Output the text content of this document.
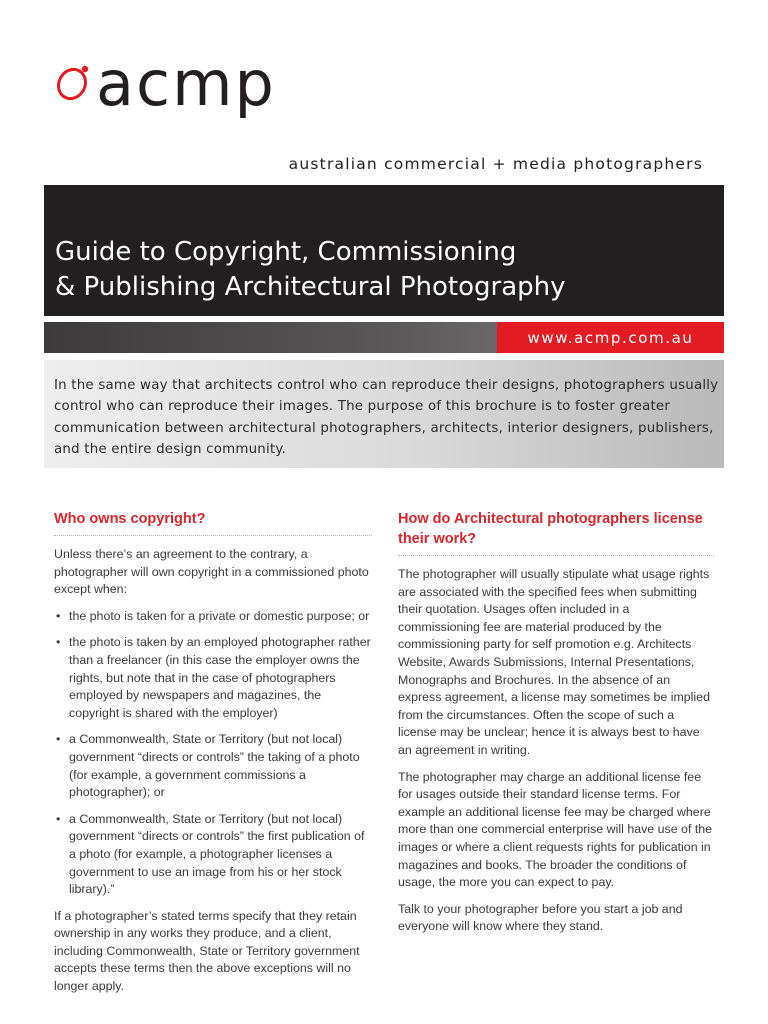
acmp
australian commercial + media photographers
Guide to Copyright, Commissioning
& Publishing Architectural Photography
www.acmp.com.au

In the same way that architects control who can reproduce their designs, photographers usually control who can reproduce their images. The purpose of this brochure is to foster greater communication between architectural photographers, architects, interior designers, publishers, and the entire design community.

Who owns copyright?

Unless there’s an agreement to the contrary, a photographer will own copyright in a commissioned photo except when:

• the photo is taken for a private or domestic purpose; or
• the photo is taken by an employed photographer rather than a freelancer (in this case the employer owns the rights, but note that in the case of photographers employed by newspapers and magazines, the copyright is shared with the employer)
• a Commonwealth, State or Territory (but not local) government “directs or controls” the taking of a photo (for example, a government commissions a photographer); or
• a Commonwealth, State or Territory (but not local) government “directs or controls” the first publication of a photo (for example, a photographer licenses a government to use an image from his or her stock library).”

If a photographer’s stated terms specify that they retain ownership in any works they produce, and a client, including Commonwealth, State or Territory government accepts these terms then the above exceptions will no longer apply.

How do Architectural photographers license their work?

The photographer will usually stipulate what usage rights are associated with the specified fees when submitting their quotation. Usages often included in a commissioning fee are material produced by the commissioning party for self promotion e.g. Architects Website, Awards Submissions, Internal Presentations, Monographs and Brochures. In the absence of an express agreement, a license may sometimes be implied from the circumstances. Often the scope of such a license may be unclear; hence it is always best to have an agreement in writing.

The photographer may charge an additional license fee for usages outside their standard license terms. For example an additional license fee may be charged where more than one commercial enterprise will have use of the images or where a client requests rights for publication in magazines and books. The broader the conditions of usage, the more you can expect to pay.

Talk to your photographer before you start a job and everyone will know where they stand.
